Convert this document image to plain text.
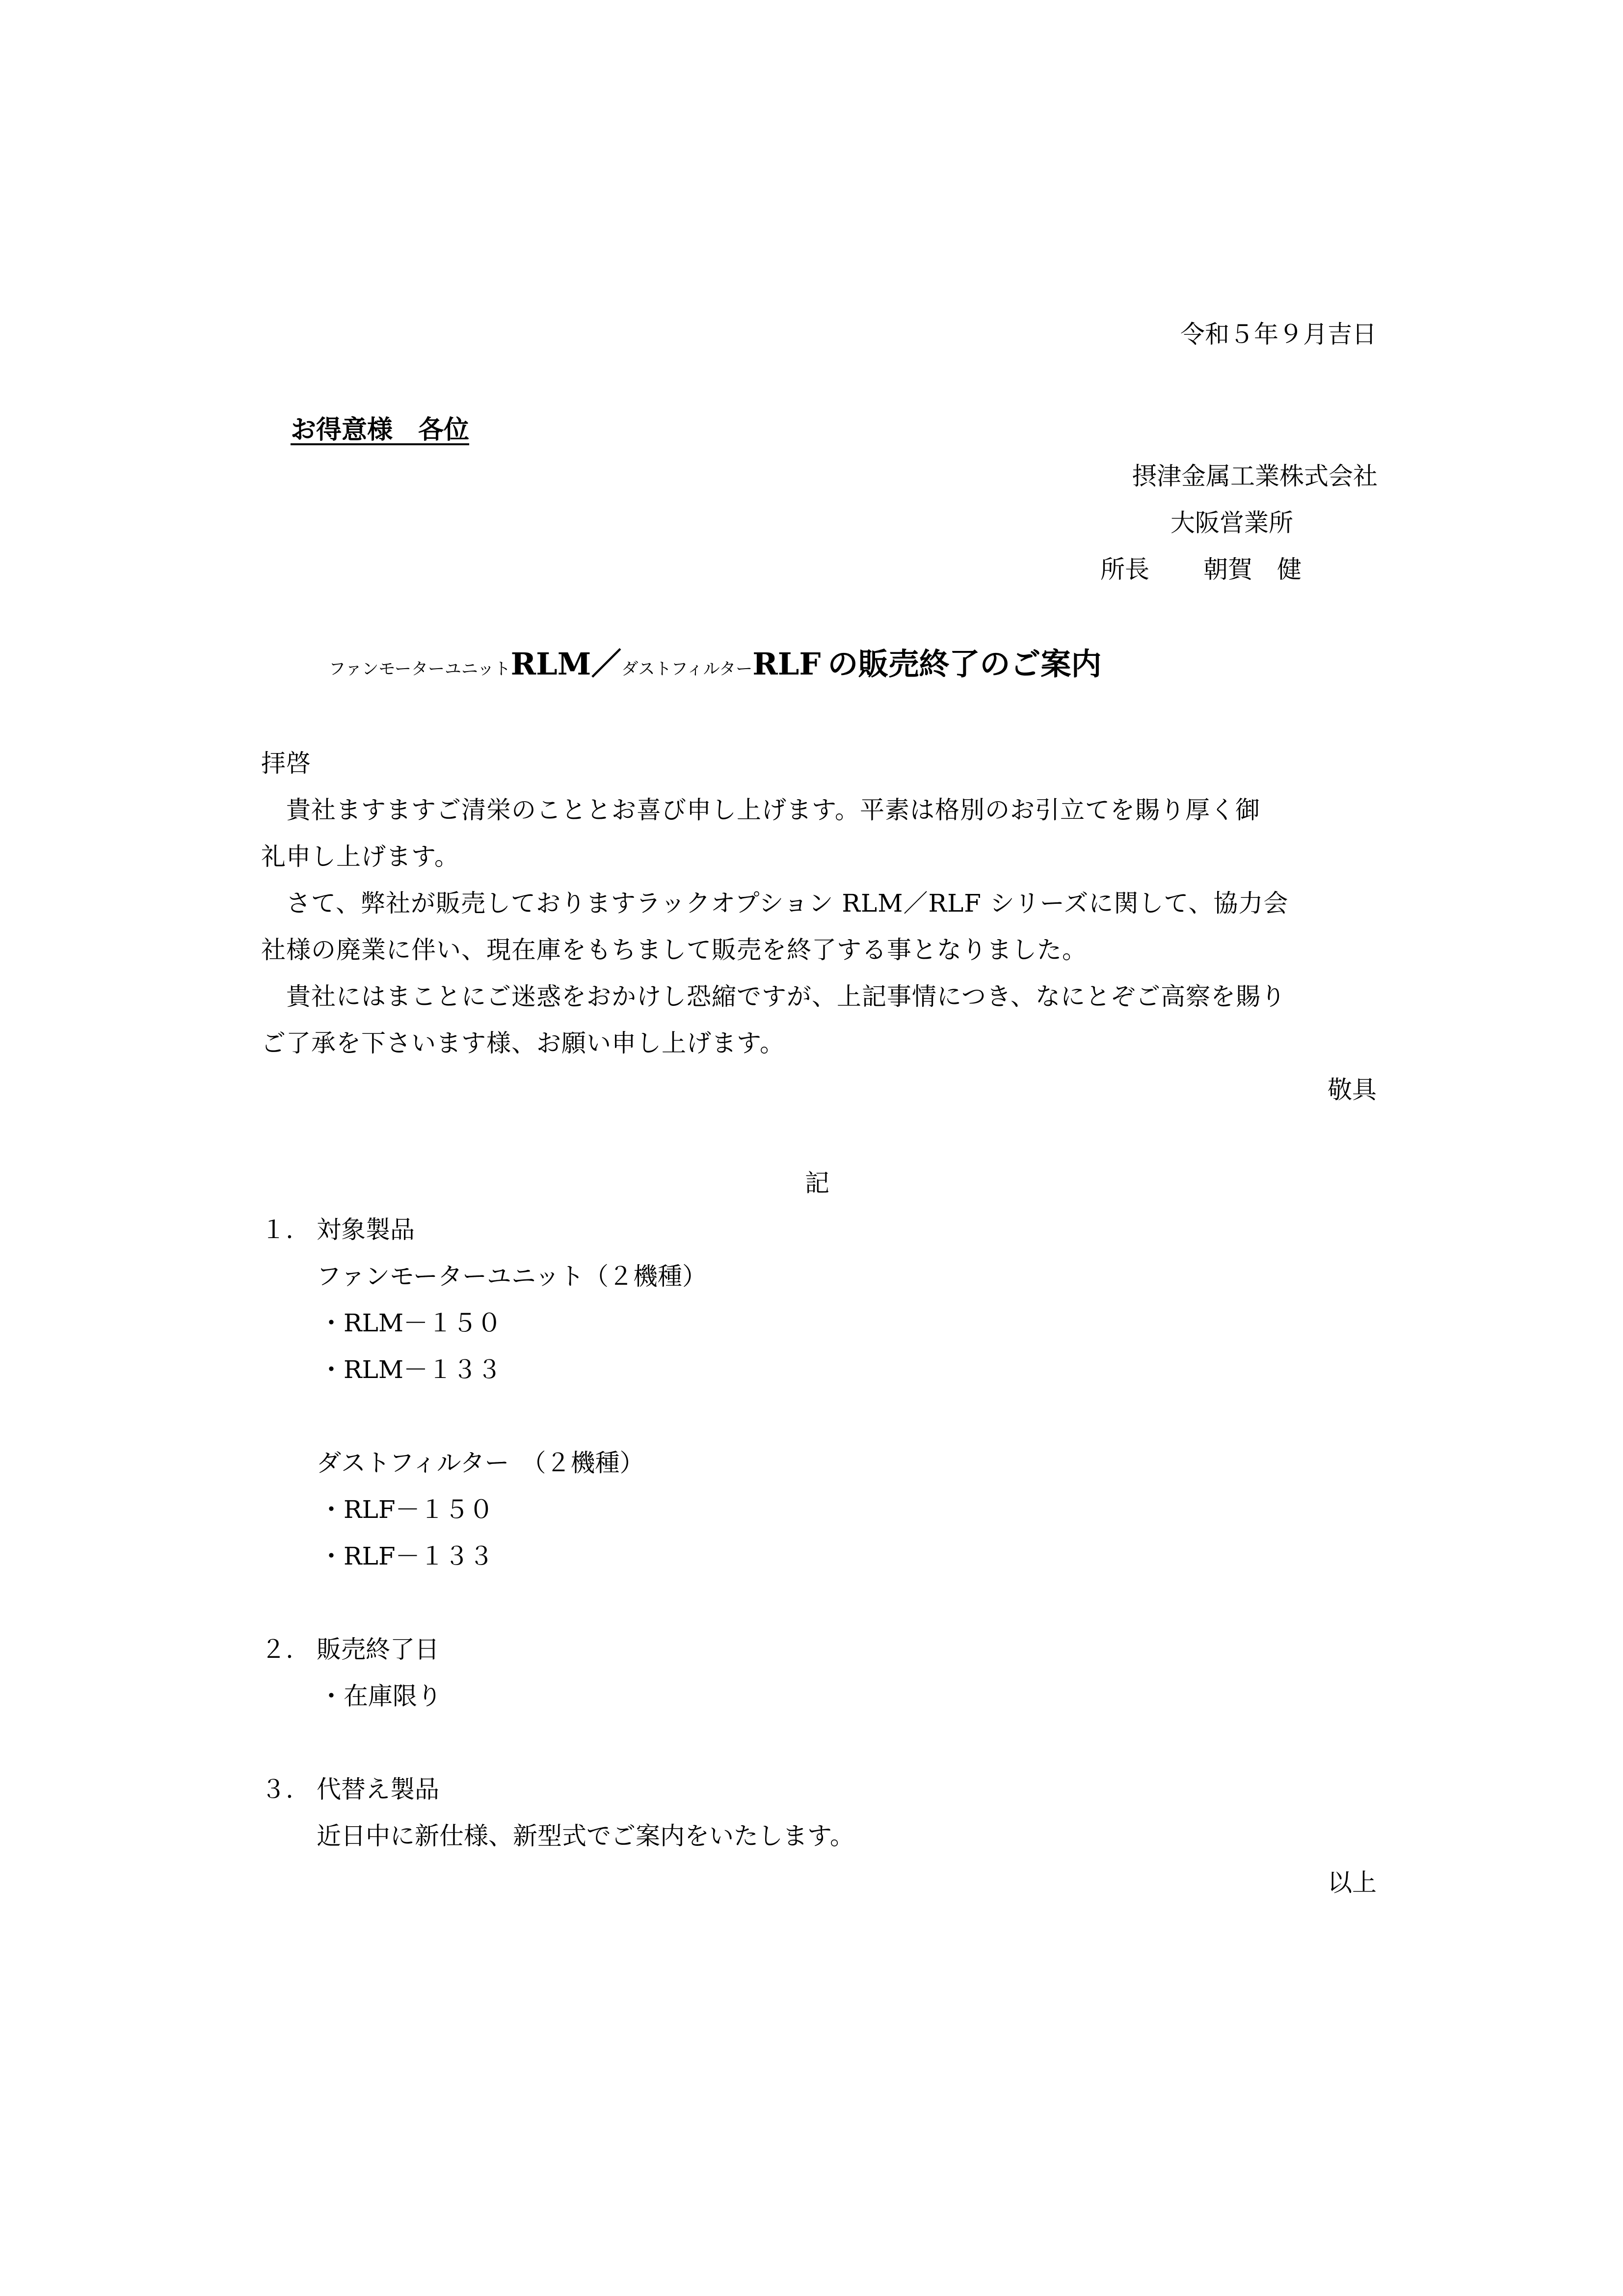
令和５年９月吉日
お得意様　各位
摂津金属工業株式会社
大阪営業所
所長 朝賀　健
ファンモーターユニットRLM／ダストフィルターRLF の販売終了のご案内
拝啓
　貴社ますますご清栄のこととお喜び申し上げます。平素は格別のお引立てを賜り厚く御
礼申し上げます。
　さて、弊社が販売しておりますラックオプション RLM／RLF シリーズに関して、協力会
社様の廃業に伴い、現在庫をもちまして販売を終了する事となりました。
　貴社にはまことにご迷惑をおかけし恐縮ですが、上記事情につき、なにとぞご高察を賜り
ご了承を下さいます様、お願い申し上げます。
敬具
記
１. 対象製品
ファンモーターユニット（２機種）
・RLM－１５０
・RLM－１３３
ダストフィルター　（２機種）
・RLF－１５０
・RLF－１３３
２. 販売終了日
・在庫限り
３. 代替え製品
近日中に新仕様、新型式でご案内をいたします。
以上
